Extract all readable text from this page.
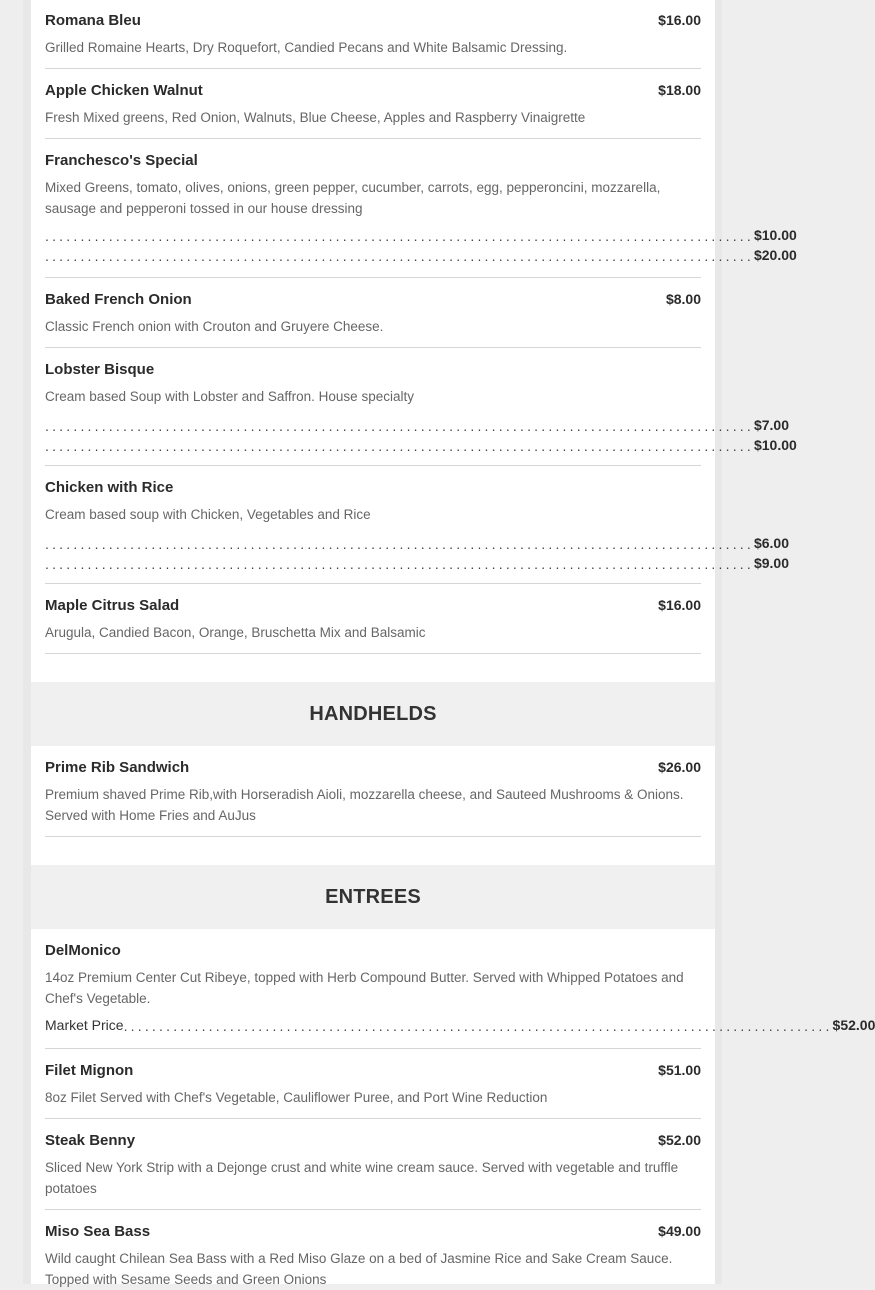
Romana Bleu	$16.00
Grilled Romaine Hearts, Dry Roquefort, Candied Pecans and White Balsamic Dressing.
Apple Chicken Walnut	$18.00
Fresh Mixed greens, Red Onion, Walnuts, Blue Cheese, Apples and Raspberry Vinaigrette
Franchesco's Special
Mixed Greens, tomato, olives, onions, green pepper, cucumber, carrots, egg, pepperoncini, mozzarella, sausage and pepperoni tossed in our house dressing
.................................................................................................... $10.00
.................................................................................................... $20.00
Baked French Onion	$8.00
Classic French onion with Crouton and Gruyere Cheese.
Lobster Bisque
Cream based Soup with Lobster and Saffron. House specialty
.................................................................................................... $7.00
.................................................................................................... $10.00
Chicken with Rice
Cream based soup with Chicken, Vegetables and Rice
.................................................................................................... $6.00
.................................................................................................... $9.00
Maple Citrus Salad	$16.00
Arugula, Candied Bacon, Orange, Bruschetta Mix and Balsamic
HANDHELDS
Prime Rib Sandwich	$26.00
Premium shaved Prime Rib,with Horseradish Aioli, mozzarella cheese, and Sauteed Mushrooms & Onions. Served with Home Fries and AuJus
ENTREES
DelMonico
14oz Premium Center Cut Ribeye, topped with Herb Compound Butter. Served with Whipped Potatoes and Chef's Vegetable.
Market Price .................................................................................................... $52.00
Filet Mignon	$51.00
8oz Filet Served with Chef's Vegetable, Cauliflower Puree, and Port Wine Reduction
Steak Benny	$52.00
Sliced New York Strip with a Dejonge crust and white wine cream sauce. Served with vegetable and truffle potatoes
Miso Sea Bass	$49.00
Wild caught Chilean Sea Bass with a Red Miso Glaze on a bed of Jasmine Rice and Sake Cream Sauce. Topped with Sesame Seeds and Green Onions
